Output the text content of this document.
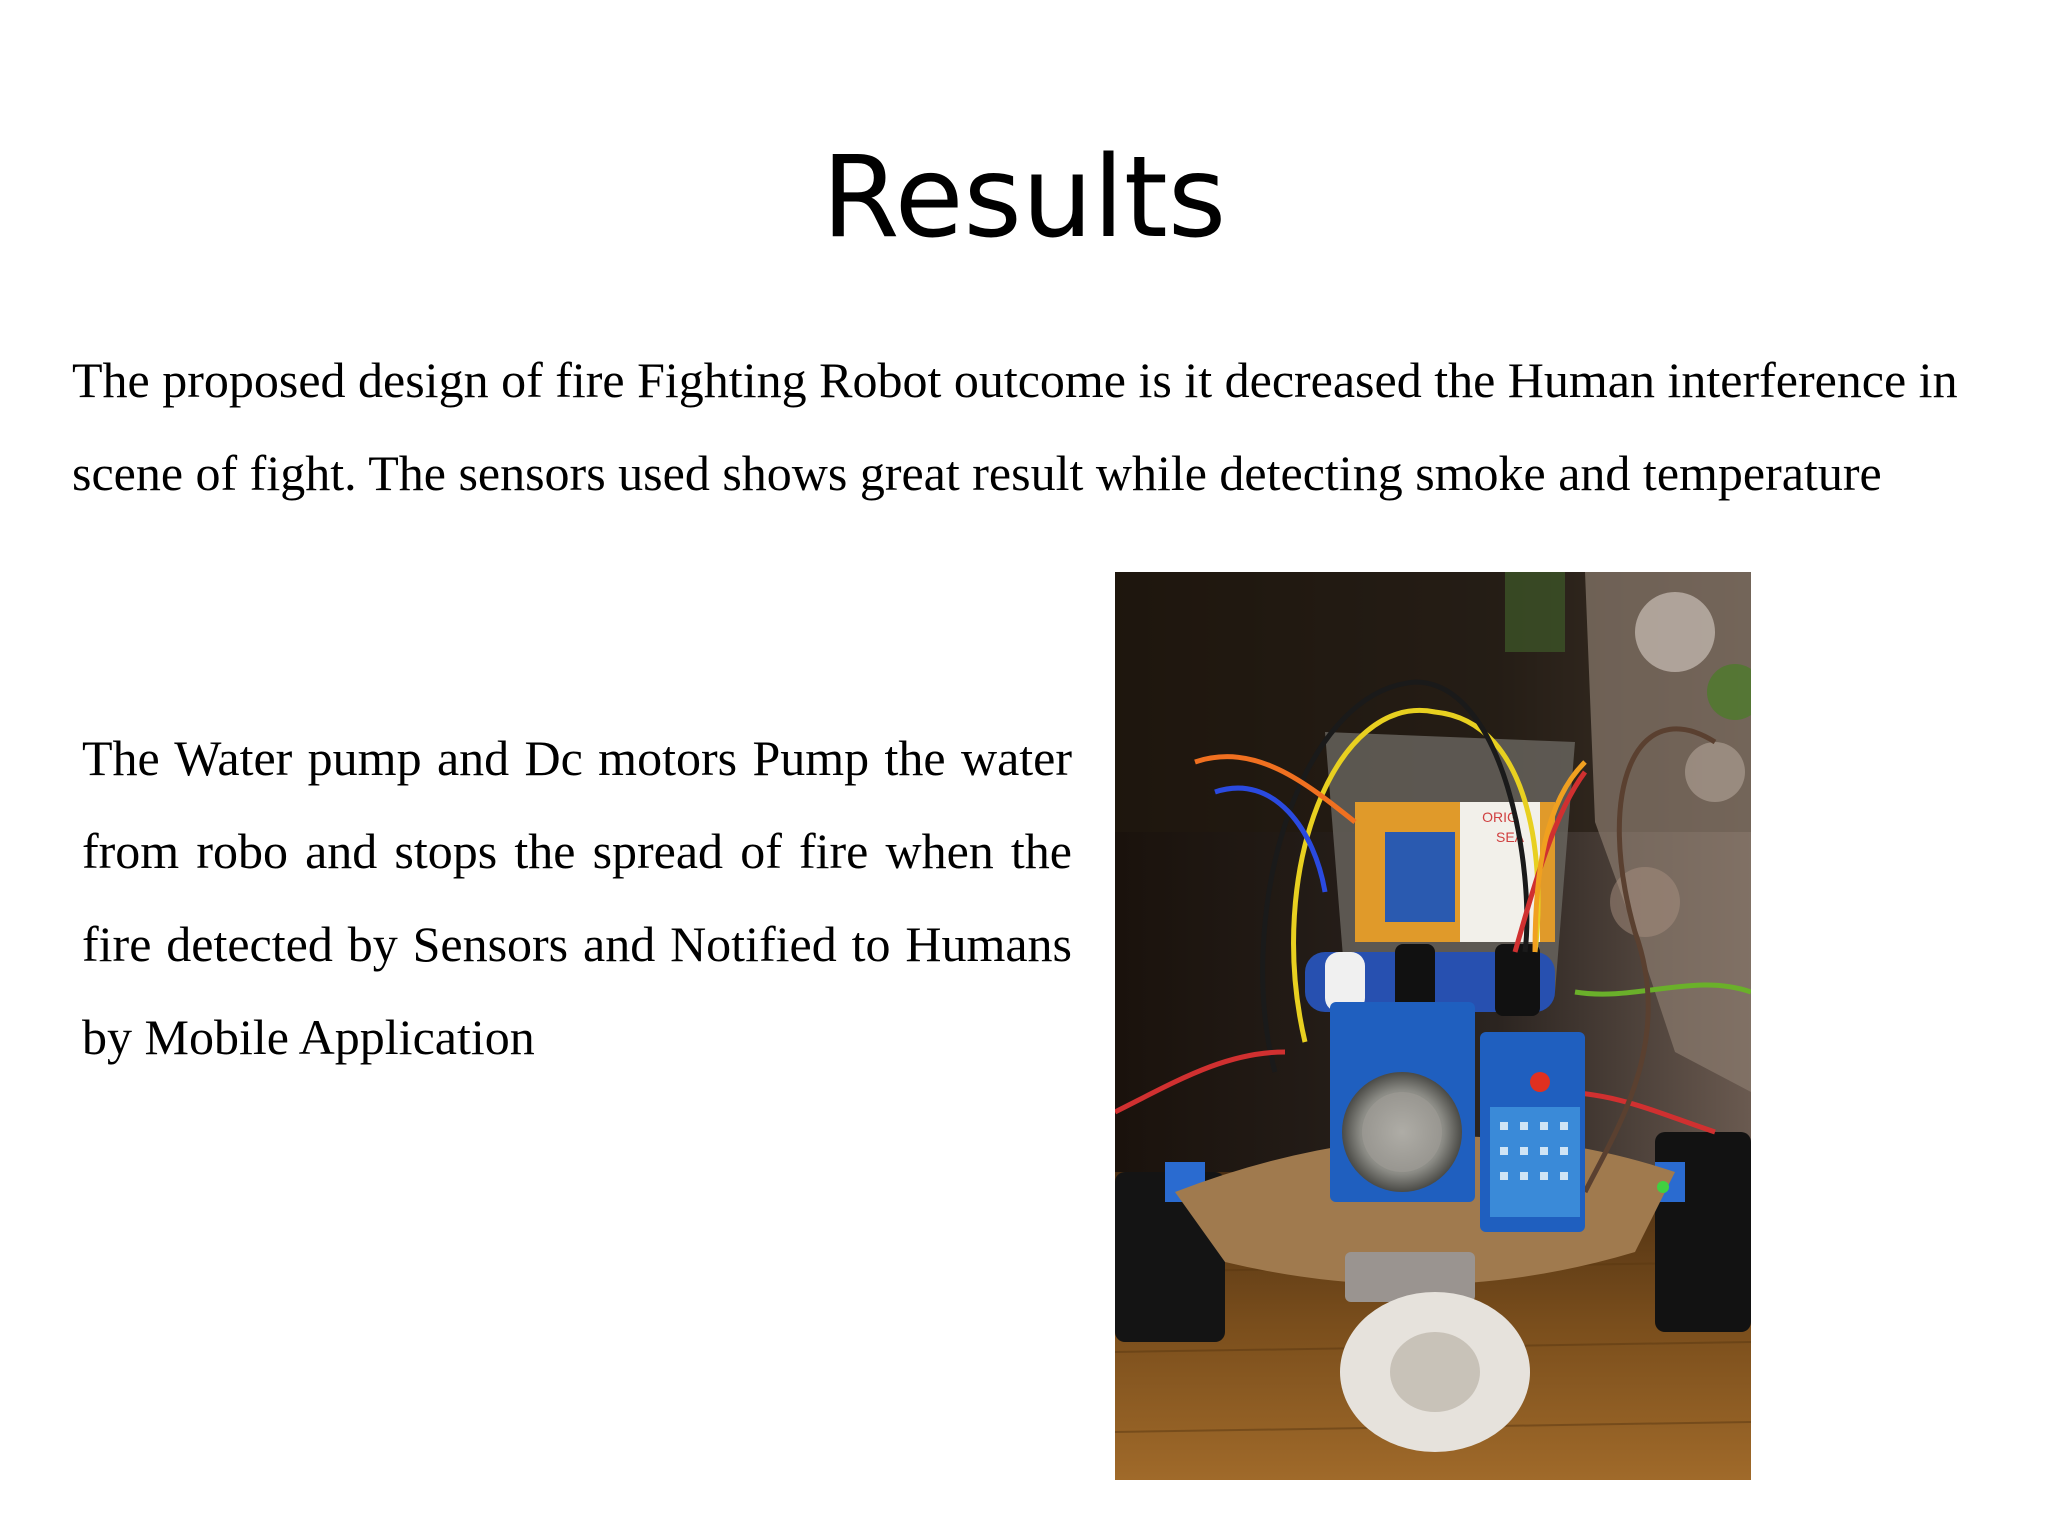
Results

The proposed design of fire Fighting Robot outcome is it decreased the Human interference in
scene of fight. The sensors used shows great result while detecting smoke and temperature

The Water pump and Dc motors Pump the water from robo and stops the spread of fire when the fire detected by Sensors and Notified to Humans by Mobile Application

ORIG
SEA
